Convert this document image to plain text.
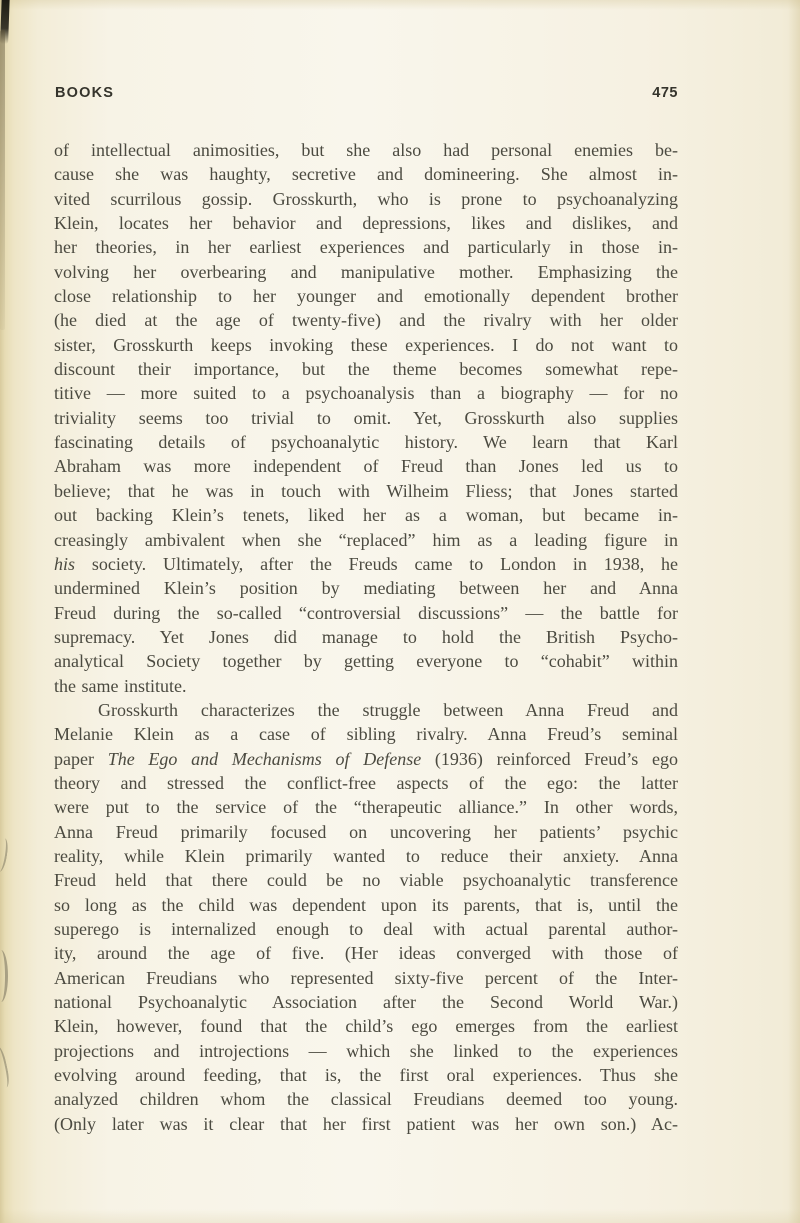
BOOKS	475
of intellectual animosities, but she also had personal enemies be-
cause she was haughty, secretive and domineering. She almost in-
vited scurrilous gossip. Grosskurth, who is prone to psychoanalyzing
Klein, locates her behavior and depressions, likes and dislikes, and
her theories, in her earliest experiences and particularly in those in-
volving her overbearing and manipulative mother. Emphasizing the
close relationship to her younger and emotionally dependent brother
(he died at the age of twenty-five) and the rivalry with her older
sister, Grosskurth keeps invoking these experiences. I do not want to
discount their importance, but the theme becomes somewhat repe-
titive — more suited to a psychoanalysis than a biography — for no
triviality seems too trivial to omit. Yet, Grosskurth also supplies
fascinating details of psychoanalytic history. We learn that Karl
Abraham was more independent of Freud than Jones led us to
believe; that he was in touch with Wilheim Fliess; that Jones started
out backing Klein’s tenets, liked her as a woman, but became in-
creasingly ambivalent when she “replaced” him as a leading figure in
his society. Ultimately, after the Freuds came to London in 1938, he
undermined Klein’s position by mediating between her and Anna
Freud during the so-called “controversial discussions” — the battle for
supremacy. Yet Jones did manage to hold the British Psycho-
analytical Society together by getting everyone to “cohabit” within
the same institute.
Grosskurth characterizes the struggle between Anna Freud and
Melanie Klein as a case of sibling rivalry. Anna Freud’s seminal
paper The Ego and Mechanisms of Defense (1936) reinforced Freud’s ego
theory and stressed the conflict-free aspects of the ego: the latter
were put to the service of the “therapeutic alliance.” In other words,
Anna Freud primarily focused on uncovering her patients’ psychic
reality, while Klein primarily wanted to reduce their anxiety. Anna
Freud held that there could be no viable psychoanalytic transference
so long as the child was dependent upon its parents, that is, until the
superego is internalized enough to deal with actual parental author-
ity, around the age of five. (Her ideas converged with those of
American Freudians who represented sixty-five percent of the Inter-
national Psychoanalytic Association after the Second World War.)
Klein, however, found that the child’s ego emerges from the earliest
projections and introjections — which she linked to the experiences
evolving around feeding, that is, the first oral experiences. Thus she
analyzed children whom the classical Freudians deemed too young.
(Only later was it clear that her first patient was her own son.) Ac-
